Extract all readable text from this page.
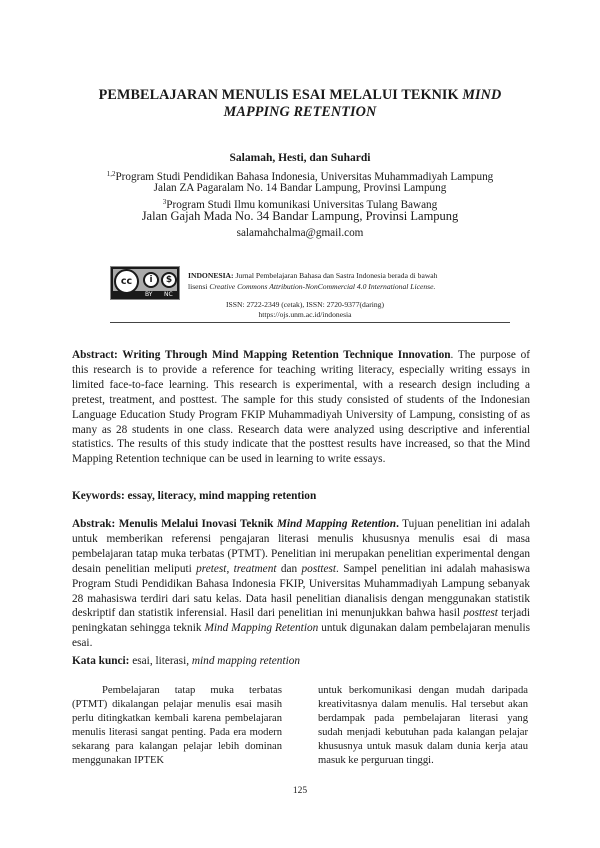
PEMBELAJARAN MENULIS ESAI MELALUI TEKNIK MIND
MAPPING RETENTION
Salamah, Hesti, dan Suhardi
$^{1,2}$Program Studi Pendidikan Bahasa Indonesia, Universitas Muhammadiyah Lampung
Jalan ZA Pagaralam No. 14 Bandar Lampung, Provinsi Lampung
$^3$Program Studi Ilmu komunikasi Universitas Tulang Bawang
Jalan Gajah Mada No. 34 Bandar Lampung, Provinsi Lampung
salamahchalma@gmail.com
cc	i	$
BY NC
INDONESIA: Jurnal Pembelajaran Bahasa dan Sastra Indonesia berada di bawah
lisensi Creative Commons Attribution-NonCommercial 4.0 International License.
ISSN: 2722-2349 (cetak), ISSN: 2720-9377(daring)
https://ojs.unm.ac.id/indonesia
Abstract: Writing Through Mind Mapping Retention Technique Innovation. The purpose of this research is to provide a reference for teaching writing literacy, especially writing essays in limited face-to-face learning. This research is experimental, with a research design including a pretest, treatment, and posttest. The sample for this study consisted of students of the Indonesian Language Education Study Program FKIP Muhammadiyah University of Lampung, consisting of as many as 28 students in one class. Research data were analyzed using descriptive and inferential statistics. The results of this study indicate that the posttest results have increased, so that the Mind Mapping Retention technique can be used in learning to write essays.
Keywords: essay, literacy, mind mapping retention
Abstrak: Menulis Melalui Inovasi Teknik Mind Mapping Retention. Tujuan penelitian ini adalah untuk memberikan referensi pengajaran literasi menulis khususnya menulis esai di masa pembelajaran tatap muka terbatas (PTMT). Penelitian ini merupakan penelitian experimental dengan desain penelitian meliputi pretest, treatment dan posttest. Sampel penelitian ini adalah mahasiswa Program Studi Pendidikan Bahasa Indonesia FKIP, Universitas Muhammadiyah Lampung sebanyak 28 mahasiswa terdiri dari satu kelas. Data hasil penelitian dianalisis dengan menggunakan statistik deskriptif dan statistik inferensial. Hasil dari penelitian ini menunjukkan bahwa hasil posttest terjadi peningkatan sehingga teknik Mind Mapping Retention untuk digunakan dalam pembelajaran menulis esai.
Kata kunci: esai, literasi, mind mapping retention
Pembelajaran tatap muka terbatas (PTMT) dikalangan pelajar menulis esai masih perlu ditingkatkan kembali karena pembelajaran menulis literasi sangat penting. Pada era modern sekarang para kalangan pelajar lebih dominan menggunakan IPTEK
untuk berkomunikasi dengan mudah daripada kreativitasnya dalam menulis. Hal tersebut akan berdampak pada pembelajaran literasi yang sudah menjadi kebutuhan pada kalangan pelajar khususnya untuk masuk dalam dunia kerja atau masuk ke perguruan tinggi.
125
